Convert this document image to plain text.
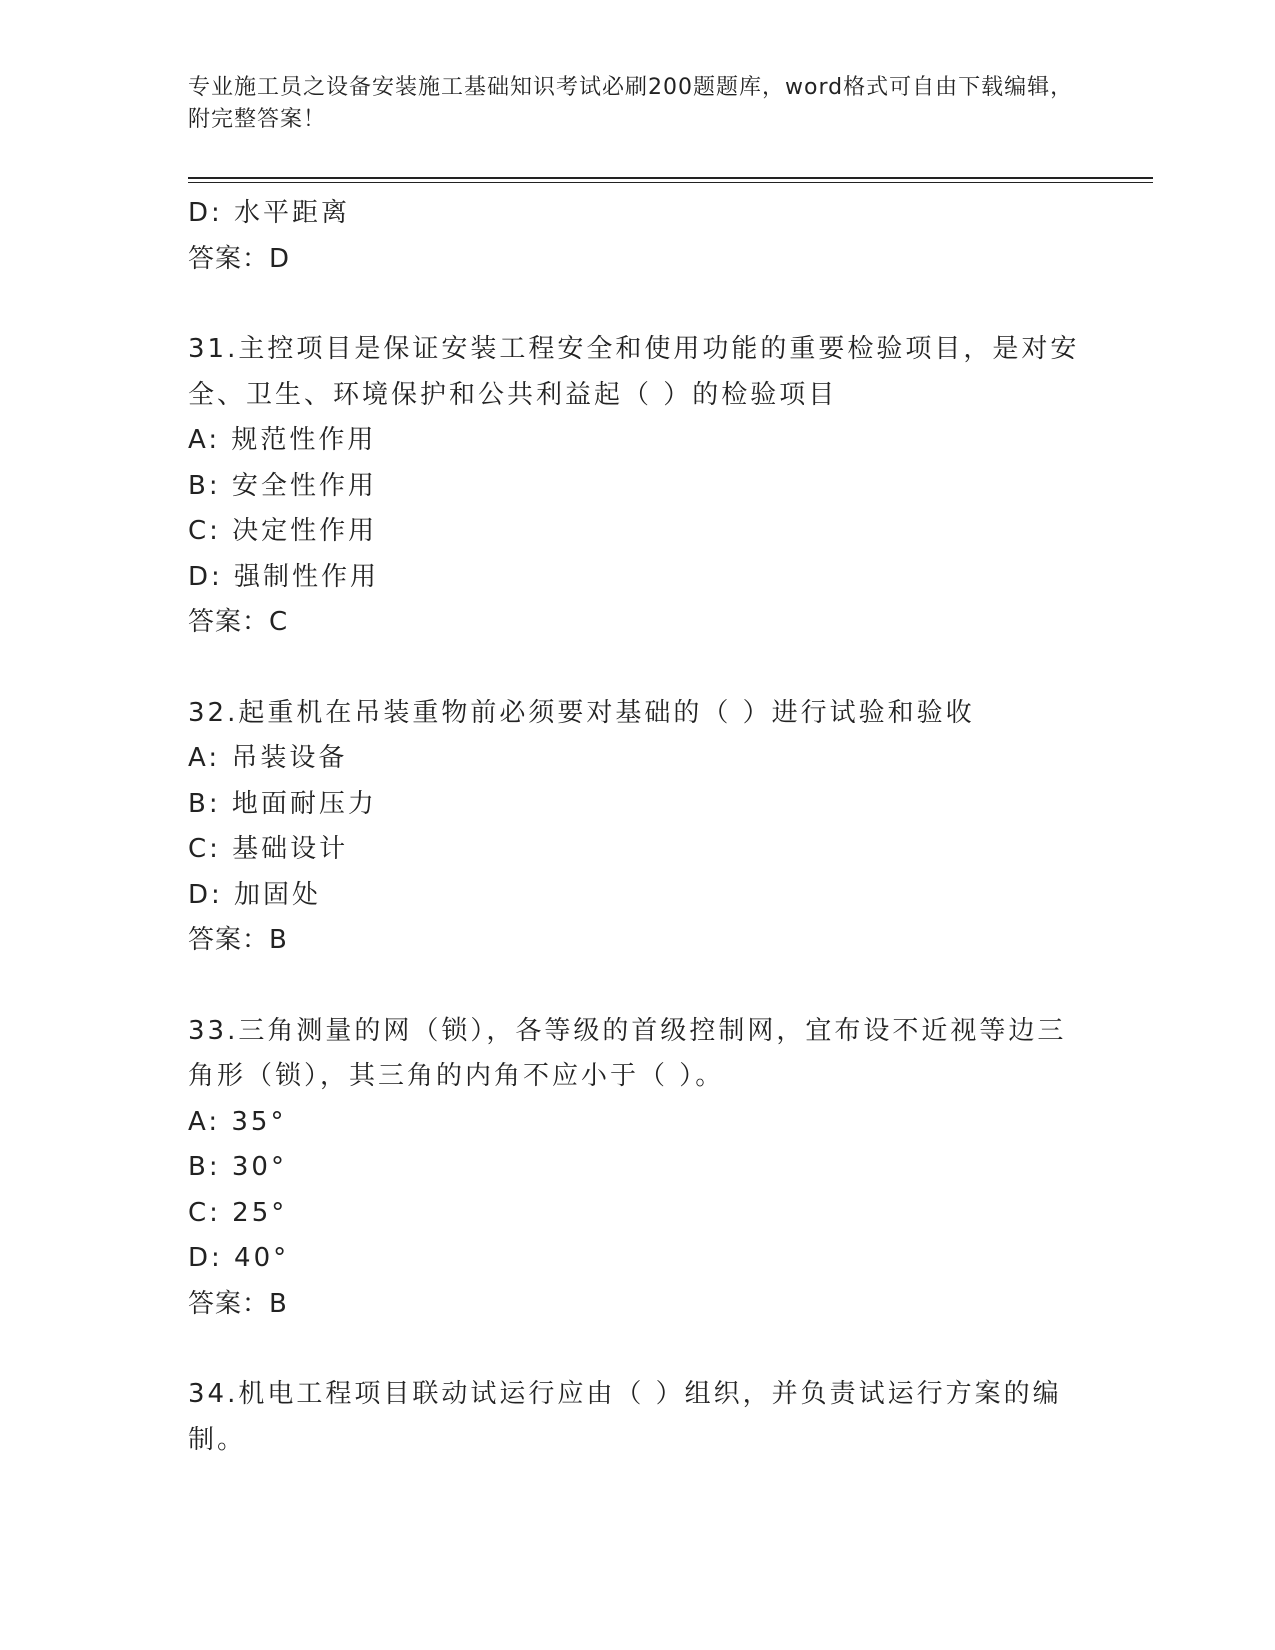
专业施工员之设备安装施工基础知识考试必刷200题题库，word格式可自由下载编辑，附完整答案！
D: 水平距离
答案：D
31.主控项目是保证安装工程安全和使用功能的重要检验项目，是对安全、卫生、环境保护和公共利益起（ ）的检验项目
A: 规范性作用
B: 安全性作用
C: 决定性作用
D: 强制性作用
答案：C
32.起重机在吊装重物前必须要对基础的（ ）进行试验和验收
A: 吊装设备
B: 地面耐压力
C: 基础设计
D: 加固处
答案：B
33.三角测量的网（锁），各等级的首级控制网，宜布设不近视等边三角形（锁），其三角的内角不应小于（ ）。
A: 35°
B: 30°
C: 25°
D: 40°
答案：B
34.机电工程项目联动试运行应由（ ）组织，并负责试运行方案的编制。
